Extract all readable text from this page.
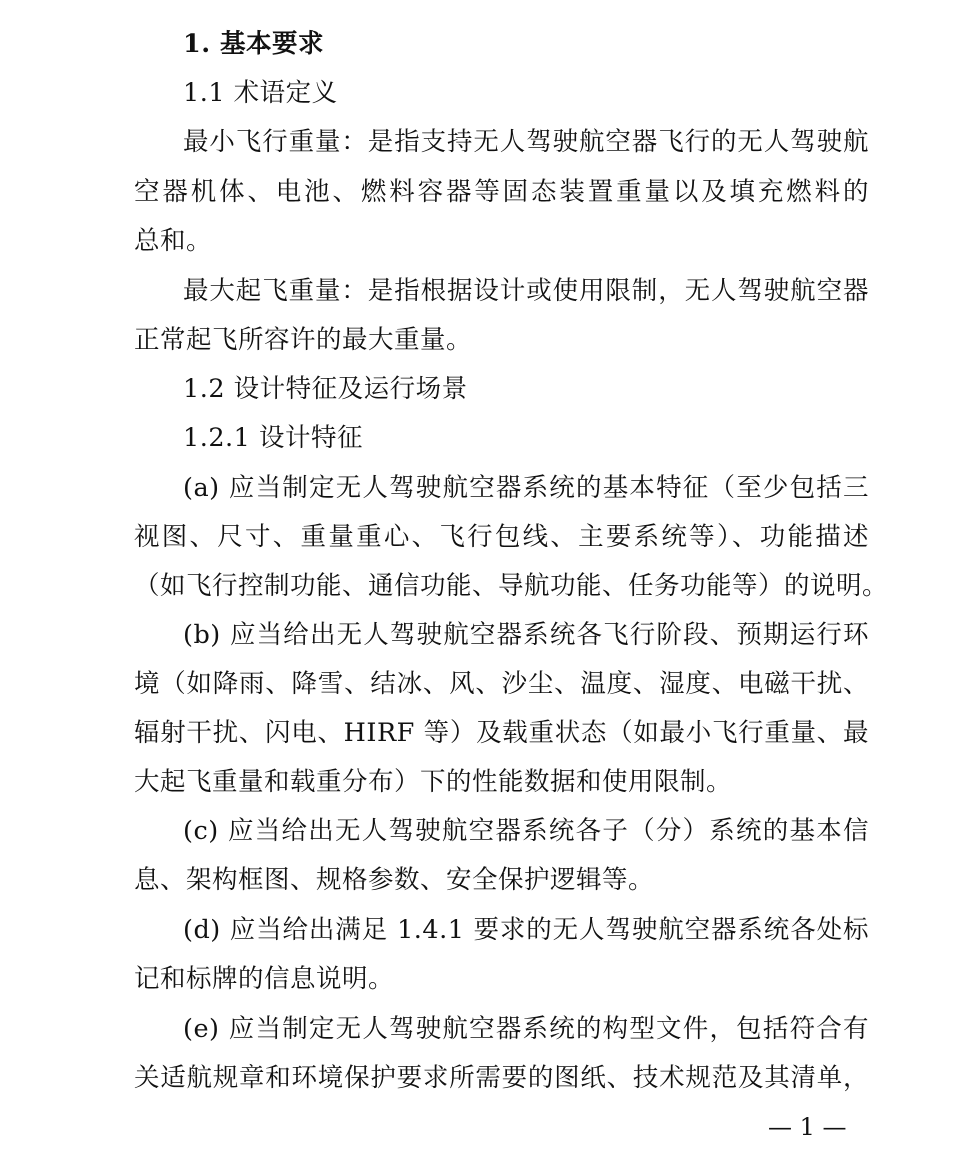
1. 基本要求
1.1 术语定义
最小飞行重量：是指支持无人驾驶航空器飞行的无人驾驶航
空器机体、电池、燃料容器等固态装置重量以及填充燃料的
总和。
最大起飞重量：是指根据设计或使用限制，无人驾驶航空器
正常起飞所容许的最大重量。
1.2 设计特征及运行场景
1.2.1 设计特征
(a) 应当制定无人驾驶航空器系统的基本特征（至少包括三
视图、尺寸、重量重心、飞行包线、主要系统等）、功能描述
（如飞行控制功能、通信功能、导航功能、任务功能等）的说明。
(b) 应当给出无人驾驶航空器系统各飞行阶段、预期运行环
境（如降雨、降雪、结冰、风、沙尘、温度、湿度、电磁干扰、
辐射干扰、闪电、HIRF 等）及载重状态（如最小飞行重量、最
大起飞重量和载重分布）下的性能数据和使用限制。
(c) 应当给出无人驾驶航空器系统各子（分）系统的基本信
息、架构框图、规格参数、安全保护逻辑等。
(d) 应当给出满足 1.4.1 要求的无人驾驶航空器系统各处标
记和标牌的信息说明。
(e) 应当制定无人驾驶航空器系统的构型文件，包括符合有
关适航规章和环境保护要求所需要的图纸、技术规范及其清单，
— 1 —
